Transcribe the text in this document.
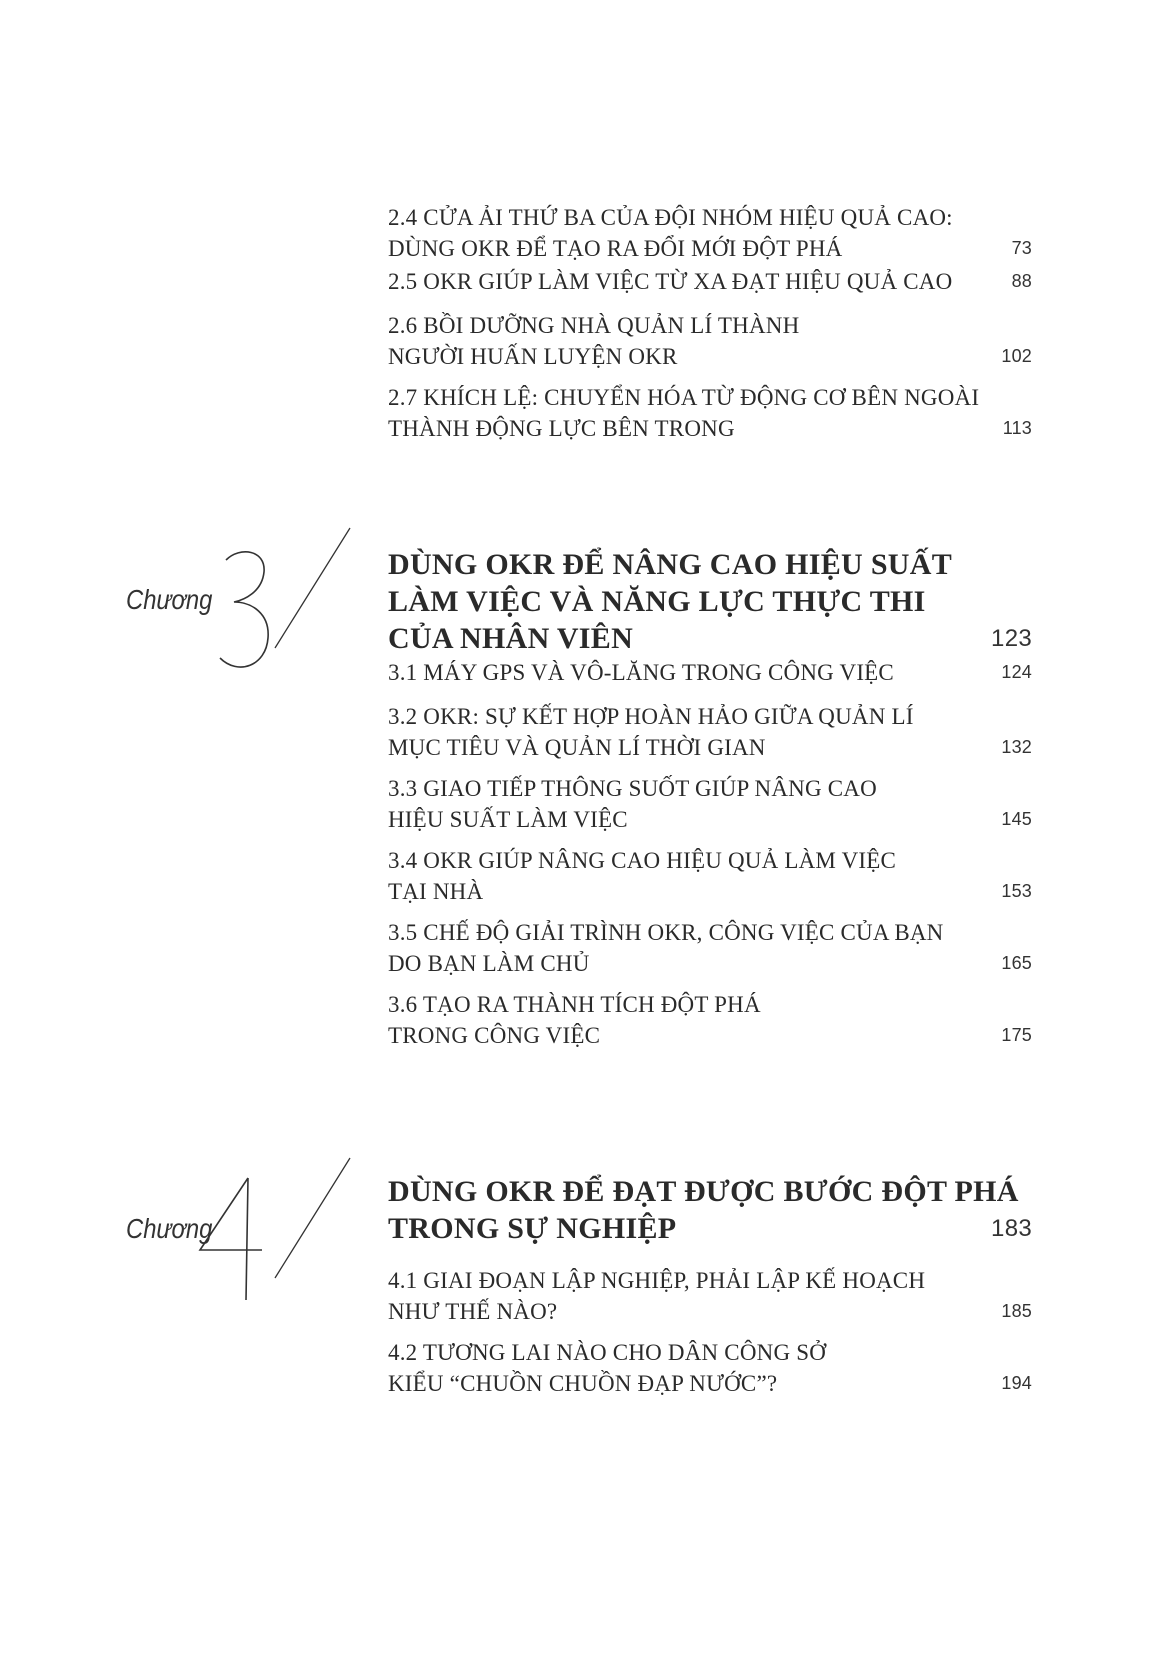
2.4 CỬA ẢI THỨ BA CỦA ĐỘI NHÓM HIỆU QUẢ CAO:
DÙNG OKR ĐỂ TẠO RA ĐỔI MỚI ĐỘT PHÁ	73
2.5 OKR GIÚP LÀM VIỆC TỪ XA ĐẠT HIỆU QUẢ CAO	88
2.6 BỒI DƯỠNG NHÀ QUẢN LÍ THÀNH
NGƯỜI HUẤN LUYỆN OKR	102
2.7 KHÍCH LỆ: CHUYỂN HÓA TỪ ĐỘNG CƠ BÊN NGOÀI
THÀNH ĐỘNG LỰC BÊN TRONG	113
Chương
DÙNG OKR ĐỂ NÂNG CAO HIỆU SUẤT
LÀM VIỆC VÀ NĂNG LỰC THỰC THI
CỦA NHÂN VIÊN	123
3.1 MÁY GPS VÀ VÔ-LĂNG TRONG CÔNG VIỆC	124
3.2 OKR: SỰ KẾT HỢP HOÀN HẢO GIỮA QUẢN LÍ
MỤC TIÊU VÀ QUẢN LÍ THỜI GIAN	132
3.3 GIAO TIẾP THÔNG SUỐT GIÚP NÂNG CAO
HIỆU SUẤT LÀM VIỆC	145
3.4 OKR GIÚP NÂNG CAO HIỆU QUẢ LÀM VIỆC
TẠI NHÀ	153
3.5 CHẾ ĐỘ GIẢI TRÌNH OKR, CÔNG VIỆC CỦA BẠN
DO BẠN LÀM CHỦ	165
3.6 TẠO RA THÀNH TÍCH ĐỘT PHÁ
TRONG CÔNG VIỆC	175
Chương
DÙNG OKR ĐỂ ĐẠT ĐƯỢC BƯỚC ĐỘT PHÁ
TRONG SỰ NGHIỆP	183
4.1 GIAI ĐOẠN LẬP NGHIỆP, PHẢI LẬP KẾ HOẠCH
NHƯ THẾ NÀO?	185
4.2 TƯƠNG LAI NÀO CHO DÂN CÔNG SỞ
KIỂU “CHUỒN CHUỒN ĐẠP NƯỚC”?	194
